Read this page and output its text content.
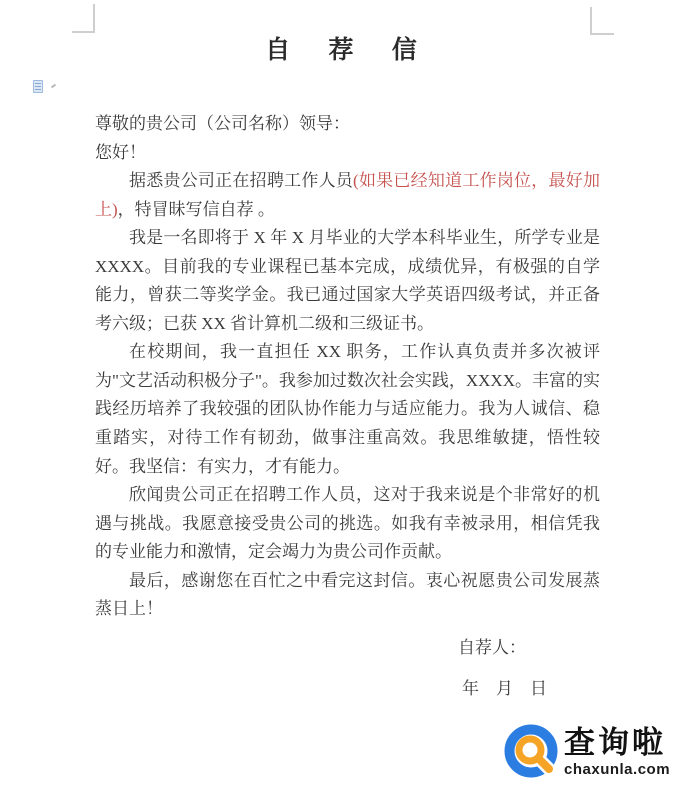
自 荐 信

尊敬的贵公司（公司名称）领导：

您好！

据悉贵公司正在招聘工作人员(如果已经知道工作岗位，最好加上)，特冒昧写信自荐 。

我是一名即将于 X 年 X 月毕业的大学本科毕业生，所学专业是XXXX。目前我的专业课程已基本完成，成绩优异，有极强的自学能力，曾获二等奖学金。我已通过国家大学英语四级考试，并正备考六级；已获 XX 省计算机二级和三级证书。

在校期间，我一直担任 XX 职务，工作认真负责并多次被评为"文艺活动积极分子"。我参加过数次社会实践，XXXX。丰富的实践经历培养了我较强的团队协作能力与适应能力。我为人诚信、稳重踏实，对待工作有韧劲，做事注重高效。我思维敏捷，悟性较好。我坚信：有实力，才有能力。

欣闻贵公司正在招聘工作人员，这对于我来说是个非常好的机遇与挑战。我愿意接受贵公司的挑选。如我有幸被录用，相信凭我的专业能力和激情，定会竭力为贵公司作贡献。

最后，感谢您在百忙之中看完这封信。衷心祝愿贵公司发展蒸蒸日上！

自荐人：

年　月　日

查询啦
chaxunla.com
